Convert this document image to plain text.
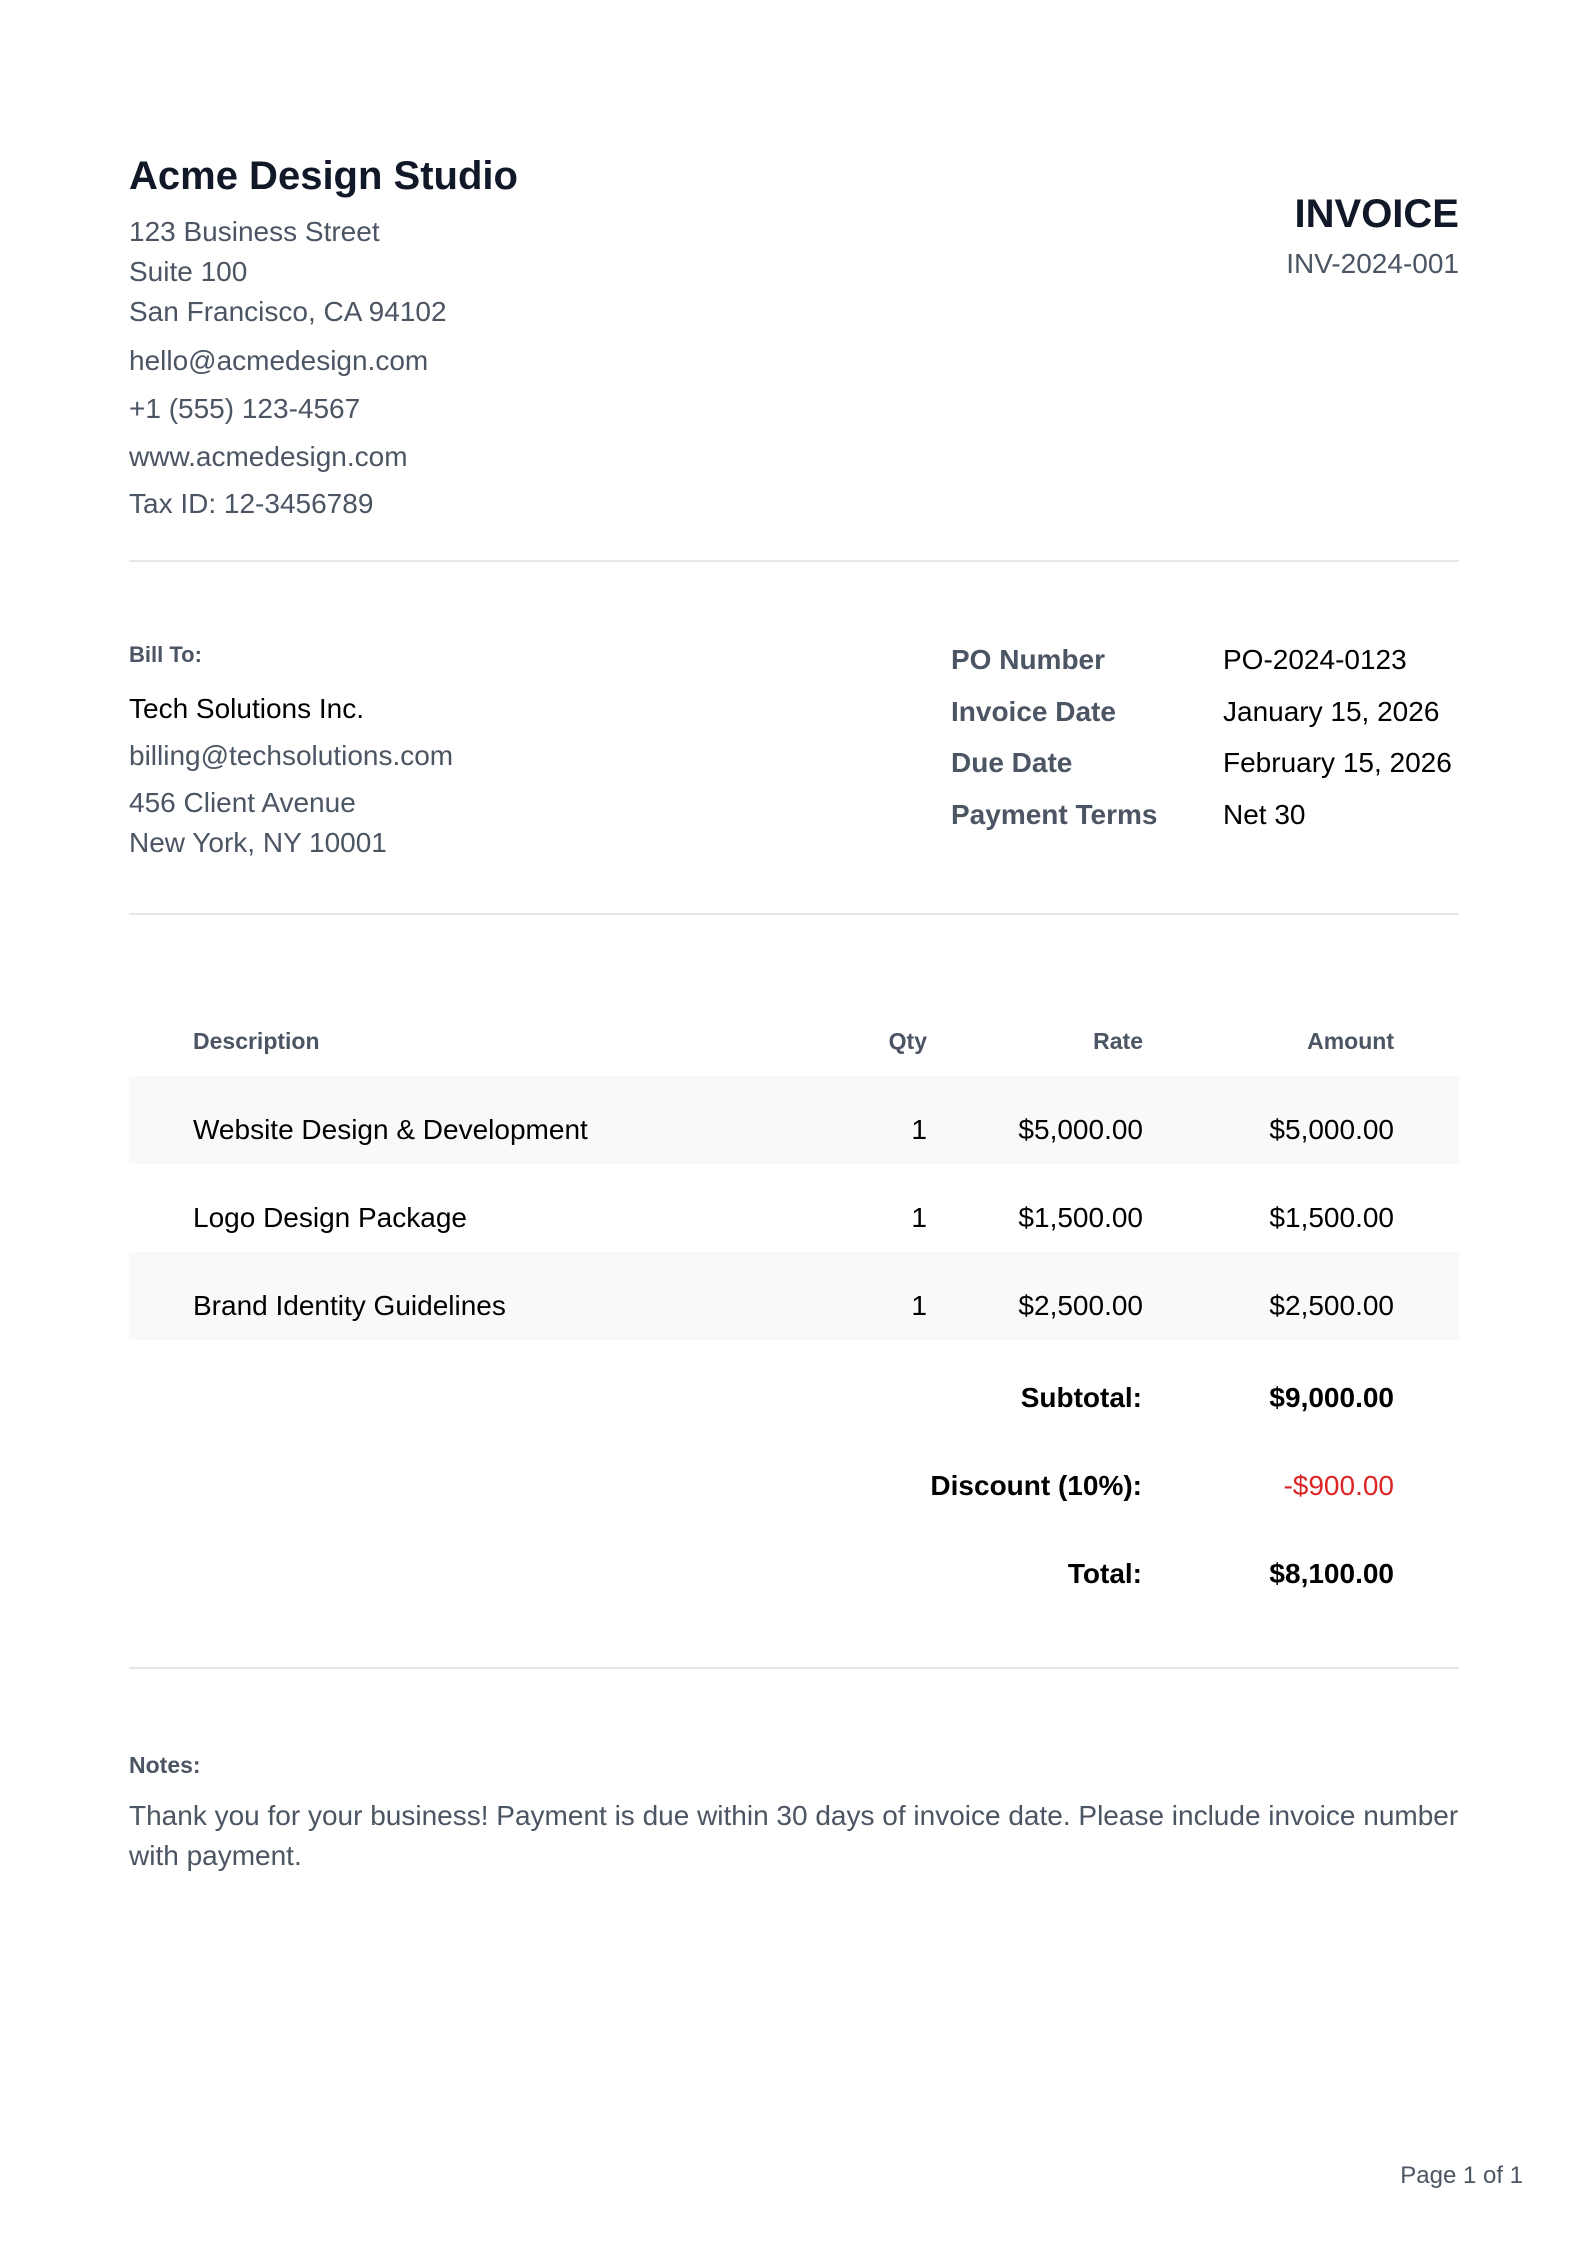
Acme Design Studio
123 Business Street
Suite 100
San Francisco, CA 94102
hello@acmedesign.com
+1 (555) 123-4567
www.acmedesign.com
Tax ID: 12-3456789
INVOICE
INV-2024-001
Bill To:
Tech Solutions Inc.
billing@techsolutions.com
456 Client Avenue
New York, NY 10001
PO Number	PO-2024-0123
Invoice Date	January 15, 2026
Due Date	February 15, 2026
Payment Terms Net 30
Description	Qty	Rate	Amount
Website Design & Development	1	$5,000.00	$5,000.00
Logo Design Package	1	$1,500.00	$1,500.00
Brand Identity Guidelines	1	$2,500.00	$2,500.00
Subtotal:	$9,000.00
Discount (10%):	-$900.00
Total:	$8,100.00
Notes:
Thank you for your business! Payment is due within 30 days of invoice date. Please include invoice number with payment.
Page 1 of 1
